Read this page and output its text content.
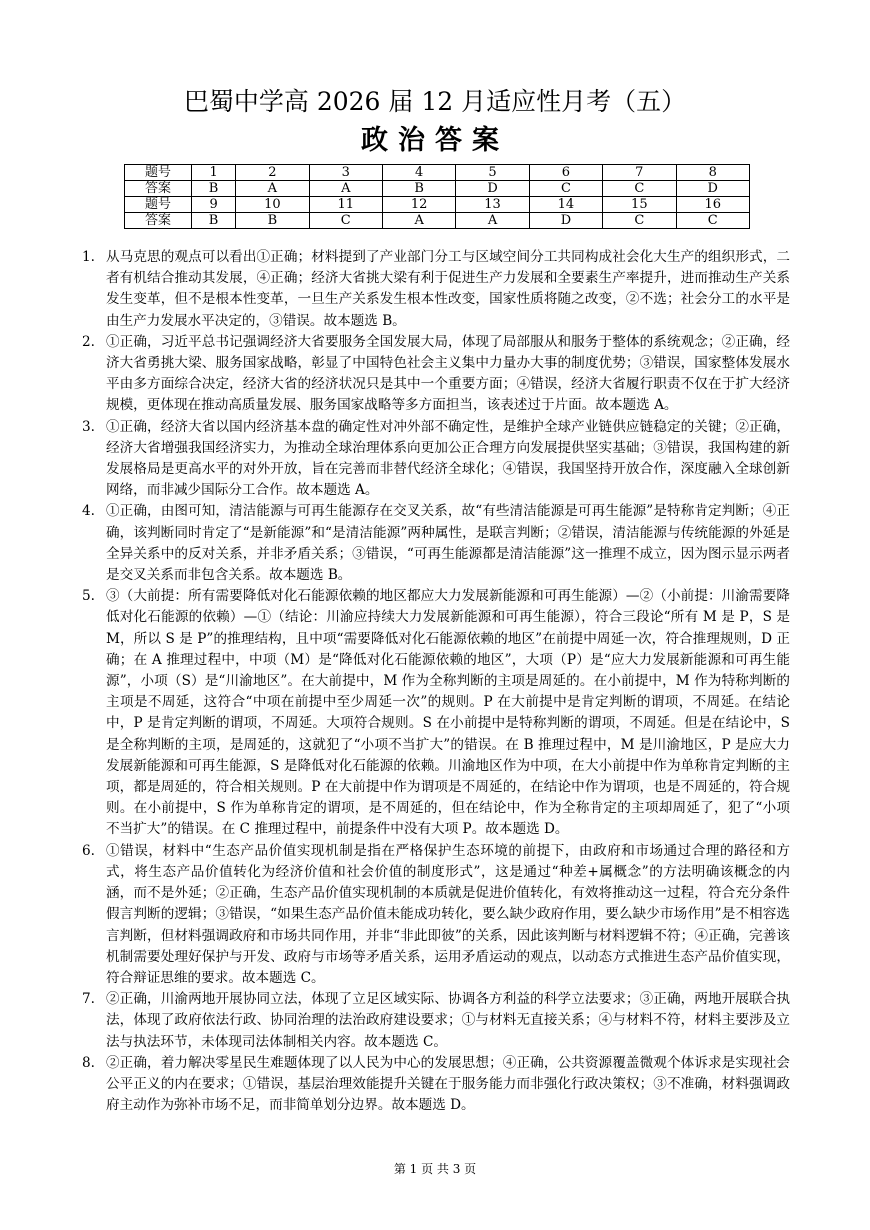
巴蜀中学高 2026 届 12 月适应性月考（五）
政治答案
题号	1	2	3	4	5	6	7	8
答案	B	A	A	B	D	C	C	D
题号	9	10	11	12	13	14	15	16
答案	B	B	C	A	A	D	C	C
1. 从马克思的观点可以看出①正确；材料提到了产业部门分工与区域空间分工共同构成社会化大生产的组织形式，二者有机结合推动其发展，④正确；经济大省挑大梁有利于促进生产力发展和全要素生产率提升，进而推动生产关系发生变革，但不是根本性变革，一旦生产关系发生根本性改变，国家性质将随之改变，②不选；社会分工的水平是由生产力发展水平决定的，③错误。故本题选 B。
2. ①正确，习近平总书记强调经济大省要服务全国发展大局，体现了局部服从和服务于整体的系统观念；②正确，经济大省勇挑大梁、服务国家战略，彰显了中国特色社会主义集中力量办大事的制度优势；③错误，国家整体发展水平由多方面综合决定，经济大省的经济状况只是其中一个重要方面；④错误，经济大省履行职责不仅在于扩大经济规模，更体现在推动高质量发展、服务国家战略等多方面担当，该表述过于片面。故本题选 A。
3. ①正确，经济大省以国内经济基本盘的确定性对冲外部不确定性，是维护全球产业链供应链稳定的关键；②正确，经济大省增强我国经济实力，为推动全球治理体系向更加公正合理方向发展提供坚实基础；③错误，我国构建的新发展格局是更高水平的对外开放，旨在完善而非替代经济全球化；④错误，我国坚持开放合作，深度融入全球创新网络，而非减少国际分工合作。故本题选 A。
4. ①正确，由图可知，清洁能源与可再生能源存在交叉关系，故“有些清洁能源是可再生能源”是特称肯定判断；④正确，该判断同时肯定了“是新能源”和“是清洁能源”两种属性，是联言判断；②错误，清洁能源与传统能源的外延是全异关系中的反对关系，并非矛盾关系；③错误，“可再生能源都是清洁能源”这一推理不成立，因为图示显示两者是交叉关系而非包含关系。故本题选 B。
5. ③（大前提：所有需要降低对化石能源依赖的地区都应大力发展新能源和可再生能源）—②（小前提：川渝需要降低对化石能源的依赖）—①（结论：川渝应持续大力发展新能源和可再生能源），符合三段论“所有 M 是 P，S 是 M，所以 S 是 P”的推理结构，且中项“需要降低对化石能源依赖的地区”在前提中周延一次，符合推理规则，D 正确；在 A 推理过程中，中项（M）是“降低对化石能源依赖的地区”，大项（P）是“应大力发展新能源和可再生能源”，小项（S）是“川渝地区”。在大前提中，M 作为全称判断的主项是周延的。在小前提中，M 作为特称判断的主项是不周延，这符合“中项在前提中至少周延一次”的规则。P 在大前提中是肯定判断的谓项，不周延。在结论中，P 是肯定判断的谓项，不周延。大项符合规则。S 在小前提中是特称判断的谓项，不周延。但是在结论中，S 是全称判断的主项，是周延的，这就犯了“小项不当扩大”的错误。在 B 推理过程中，M 是川渝地区，P 是应大力发展新能源和可再生能源，S 是降低对化石能源的依赖。川渝地区作为中项，在大小前提中作为单称肯定判断的主项，都是周延的，符合相关规则。P 在大前提中作为谓项是不周延的，在结论中作为谓项，也是不周延的，符合规则。在小前提中，S 作为单称肯定的谓项，是不周延的，但在结论中，作为全称肯定的主项却周延了，犯了“小项不当扩大”的错误。在 C 推理过程中，前提条件中没有大项 P。故本题选 D。
6. ①错误，材料中“生态产品价值实现机制是指在严格保护生态环境的前提下，由政府和市场通过合理的路径和方式，将生态产品价值转化为经济价值和社会价值的制度形式”，这是通过“种差+属概念”的方法明确该概念的内涵，而不是外延；②正确，生态产品价值实现机制的本质就是促进价值转化，有效将推动这一过程，符合充分条件假言判断的逻辑；③错误，“如果生态产品价值未能成功转化，要么缺少政府作用，要么缺少市场作用”是不相容选言判断，但材料强调政府和市场共同作用，并非“非此即彼”的关系，因此该判断与材料逻辑不符；④正确，完善该机制需要处理好保护与开发、政府与市场等矛盾关系，运用矛盾运动的观点，以动态方式推进生态产品价值实现，符合辩证思维的要求。故本题选 C。
7. ②正确，川渝两地开展协同立法，体现了立足区域实际、协调各方利益的科学立法要求；③正确，两地开展联合执法，体现了政府依法行政、协同治理的法治政府建设要求；①与材料无直接关系；④与材料不符，材料主要涉及立法与执法环节，未体现司法体制相关内容。故本题选 C。
8. ②正确，着力解决零星民生难题体现了以人民为中心的发展思想；④正确，公共资源覆盖微观个体诉求是实现社会公平正义的内在要求；①错误，基层治理效能提升关键在于服务能力而非强化行政决策权；③不准确，材料强调政府主动作为弥补市场不足，而非简单划分边界。故本题选 D。
第 1 页 共 3 页
